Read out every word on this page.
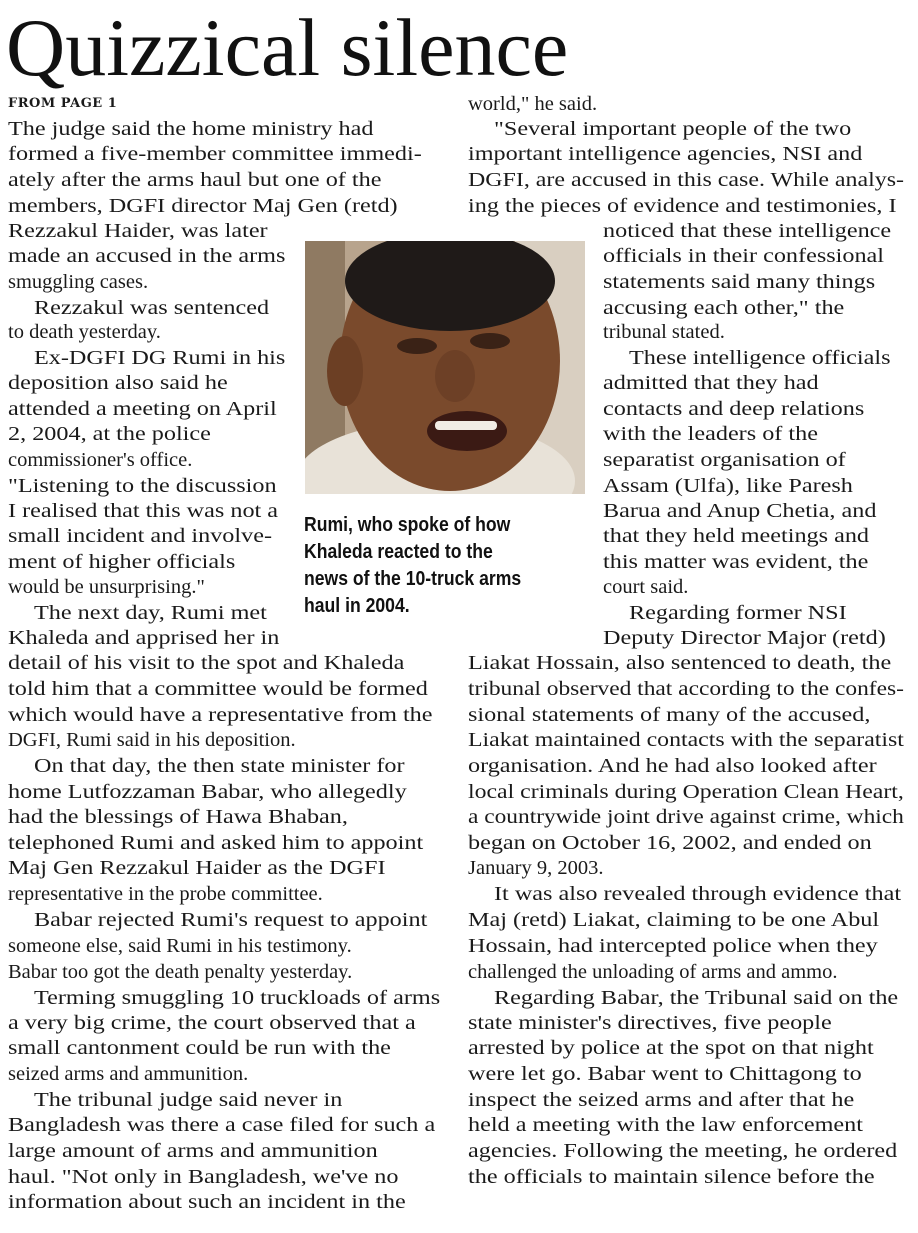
Quizzical silence
FROM PAGE 1
The judge said the home ministry had
formed a five-member committee immedi-
ately after the arms haul but one of the
members, DGFI director Maj Gen (retd)
Rezzakul Haider, was later
made an accused in the arms
smuggling cases.
Rezzakul was sentenced
to death yesterday.
Ex-DGFI DG Rumi in his
deposition also said he
attended a meeting on April
2, 2004, at the police
commissioner's office.
"Listening to the discussion
I realised that this was not a
small incident and involve-
ment of higher officials
would be unsurprising."
The next day, Rumi met
Khaleda and apprised her in
detail of his visit to the spot and Khaleda
told him that a committee would be formed
which would have a representative from the
DGFI, Rumi said in his deposition.
On that day, the then state minister for
home Lutfozzaman Babar, who allegedly
had the blessings of Hawa Bhaban,
telephoned Rumi and asked him to appoint
Maj Gen Rezzakul Haider as the DGFI
representative in the probe committee.
Babar rejected Rumi's request to appoint
someone else, said Rumi in his testimony.
Babar too got the death penalty yesterday.
Terming smuggling 10 truckloads of arms
a very big crime, the court observed that a
small cantonment could be run with the
seized arms and ammunition.
The tribunal judge said never in
Bangladesh was there a case filed for such a
large amount of arms and ammunition
haul. "Not only in Bangladesh, we've no
information about such an incident in the
world," he said.
"Several important people of the two
important intelligence agencies, NSI and
DGFI, are accused in this case. While analys-
ing the pieces of evidence and testimonies, I
noticed that these intelligence
officials in their confessional
statements said many things
accusing each other," the
tribunal stated.
These intelligence officials
admitted that they had
contacts and deep relations
with the leaders of the
separatist organisation of
Assam (Ulfa), like Paresh
Barua and Anup Chetia, and
that they held meetings and
this matter was evident, the
court said.
Regarding former NSI
Deputy Director Major (retd)
Liakat Hossain, also sentenced to death, the
tribunal observed that according to the confes-
sional statements of many of the accused,
Liakat maintained contacts with the separatist
organisation. And he had also looked after
local criminals during Operation Clean Heart,
a countrywide joint drive against crime, which
began on October 16, 2002, and ended on
January 9, 2003.
It was also revealed through evidence that
Maj (retd) Liakat, claiming to be one Abul
Hossain, had intercepted police when they
challenged the unloading of arms and ammo.
Regarding Babar, the Tribunal said on the
state minister's directives, five people
arrested by police at the spot on that night
were let go. Babar went to Chittagong to
inspect the seized arms and after that he
held a meeting with the law enforcement
agencies. Following the meeting, he ordered
the officials to maintain silence before the
Rumi, who spoke of how
Khaleda reacted to the
news of the 10-truck arms
haul in 2004.
